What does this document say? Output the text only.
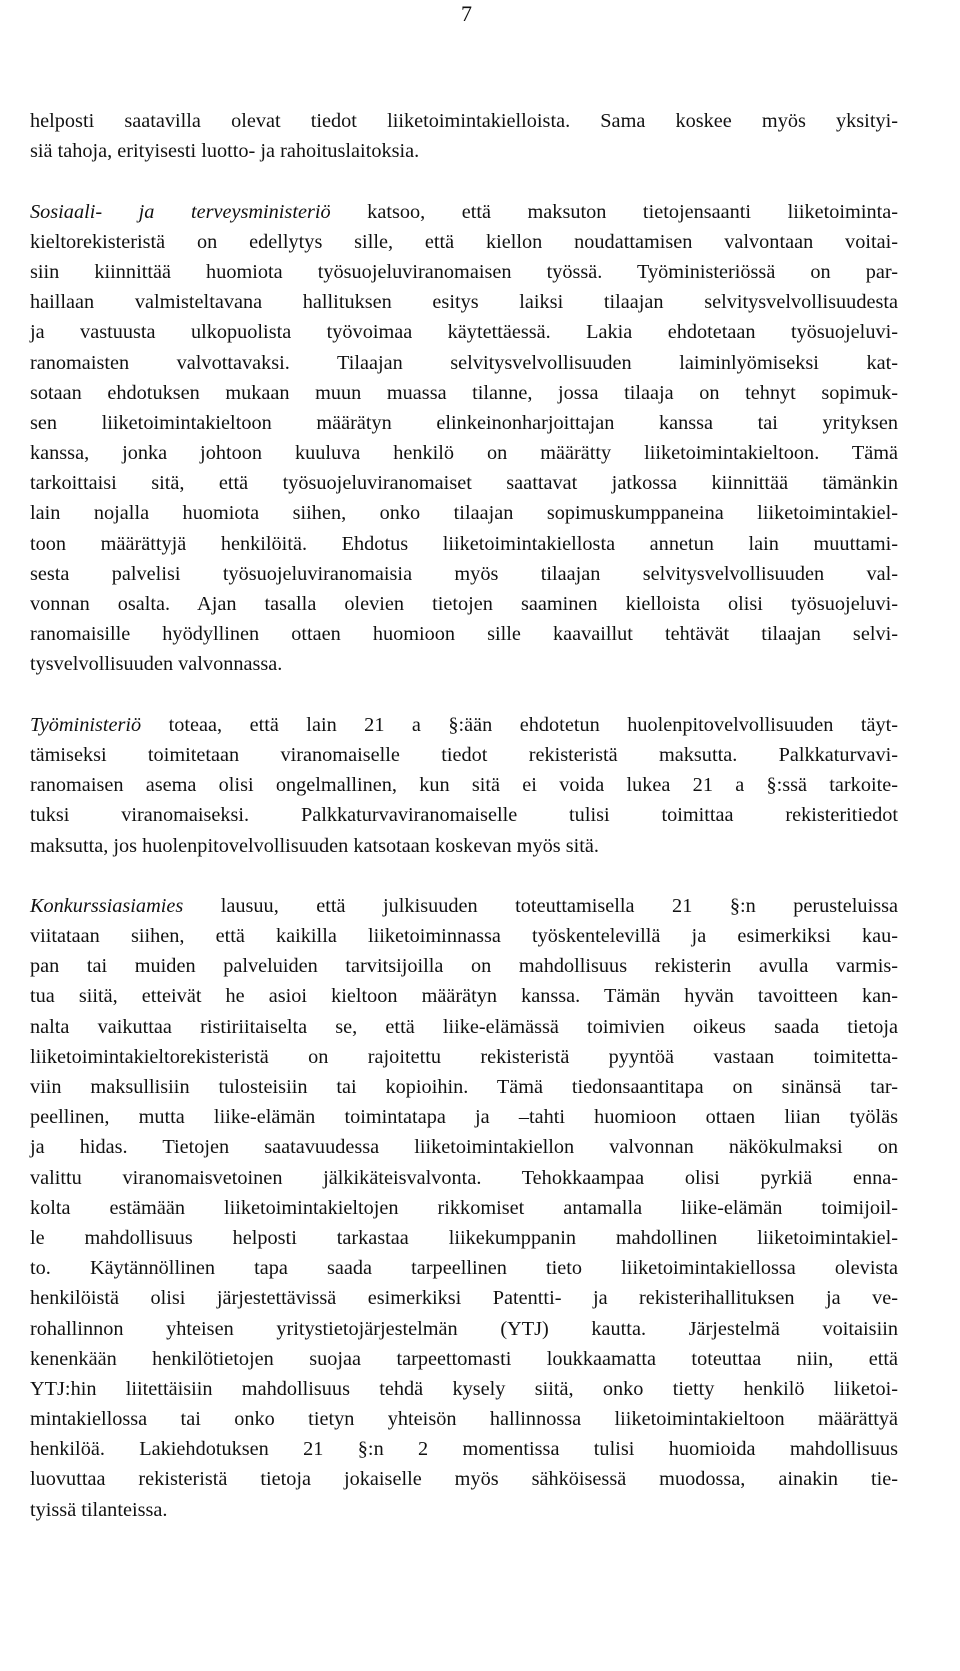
7
helposti saatavilla olevat tiedot liiketoimintakielloista. Sama koskee myös yksityi-
siä tahoja, erityisesti luotto- ja rahoituslaitoksia.
Sosiaali- ja terveysministeriö katsoo, että maksuton tietojensaanti liiketoiminta-
kieltorekisteristä on edellytys sille, että kiellon noudattamisen valvontaan voitai-
siin kiinnittää huomiota työsuojeluviranomaisen työssä. Työministeriössä on par-
haillaan valmisteltavana hallituksen esitys laiksi tilaajan selvitysvelvollisuudesta
ja vastuusta ulkopuolista työvoimaa käytettäessä. Lakia ehdotetaan työsuojeluvi-
ranomaisten valvottavaksi. Tilaajan selvitysvelvollisuuden laiminlyömiseksi kat-
sotaan ehdotuksen mukaan muun muassa tilanne, jossa tilaaja on tehnyt sopimuk-
sen liiketoimintakieltoon määrätyn elinkeinonharjoittajan kanssa tai yrityksen
kanssa, jonka johtoon kuuluva henkilö on määrätty liiketoimintakieltoon. Tämä
tarkoittaisi sitä, että työsuojeluviranomaiset saattavat jatkossa kiinnittää tämänkin
lain nojalla huomiota siihen, onko tilaajan sopimuskumppaneina liiketoimintakiel-
toon määrättyjä henkilöitä. Ehdotus liiketoimintakiellosta annetun lain muuttami-
sesta palvelisi työsuojeluviranomaisia myös tilaajan selvitysvelvollisuuden val-
vonnan osalta. Ajan tasalla olevien tietojen saaminen kielloista olisi työsuojeluvi-
ranomaisille hyödyllinen ottaen huomioon sille kaavaillut tehtävät tilaajan selvi-
tysvelvollisuuden valvonnassa.
Työministeriö toteaa, että lain 21 a §:ään ehdotetun huolenpitovelvollisuuden täyt-
tämiseksi toimitetaan viranomaiselle tiedot rekisteristä maksutta. Palkkaturvavi-
ranomaisen asema olisi ongelmallinen, kun sitä ei voida lukea 21 a §:ssä tarkoite-
tuksi viranomaiseksi. Palkkaturvaviranomaiselle tulisi toimittaa rekisteritiedot
maksutta, jos huolenpitovelvollisuuden katsotaan koskevan myös sitä.
Konkurssiasiamies lausuu, että julkisuuden toteuttamisella 21 §:n perusteluissa
viitataan siihen, että kaikilla liiketoiminnassa työskentelevillä ja esimerkiksi kau-
pan tai muiden palveluiden tarvitsijoilla on mahdollisuus rekisterin avulla varmis-
tua siitä, etteivät he asioi kieltoon määrätyn kanssa. Tämän hyvän tavoitteen kan-
nalta vaikuttaa ristiriitaiselta se, että liike-elämässä toimivien oikeus saada tietoja
liiketoimintakieltorekisteristä on rajoitettu rekisteristä pyyntöä vastaan toimitetta-
viin maksullisiin tulosteisiin tai kopioihin. Tämä tiedonsaantitapa on sinänsä tar-
peellinen, mutta liike-elämän toimintatapa ja –tahti huomioon ottaen liian työläs
ja hidas. Tietojen saatavuudessa liiketoimintakiellon valvonnan näkökulmaksi on
valittu viranomaisvetoinen jälkikäteisvalvonta. Tehokkaampaa olisi pyrkiä enna-
kolta estämään liiketoimintakieltojen rikkomiset antamalla liike-elämän toimijoil-
le mahdollisuus helposti tarkastaa liikekumppanin mahdollinen liiketoimintakiel-
to. Käytännöllinen tapa saada tarpeellinen tieto liiketoimintakiellossa olevista
henkilöistä olisi järjestettävissä esimerkiksi Patentti- ja rekisterihallituksen ja ve-
rohallinnon yhteisen yritystietojärjestelmän (YTJ) kautta. Järjestelmä voitaisiin
kenenkään henkilötietojen suojaa tarpeettomasti loukkaamatta toteuttaa niin, että
YTJ:hin liitettäisiin mahdollisuus tehdä kysely siitä, onko tietty henkilö liiketoi-
mintakiellossa tai onko tietyn yhteisön hallinnossa liiketoimintakieltoon määrättyä
henkilöä. Lakiehdotuksen 21 §:n 2 momentissa tulisi huomioida mahdollisuus
luovuttaa rekisteristä tietoja jokaiselle myös sähköisessä muodossa, ainakin tie-
tyissä tilanteissa.
